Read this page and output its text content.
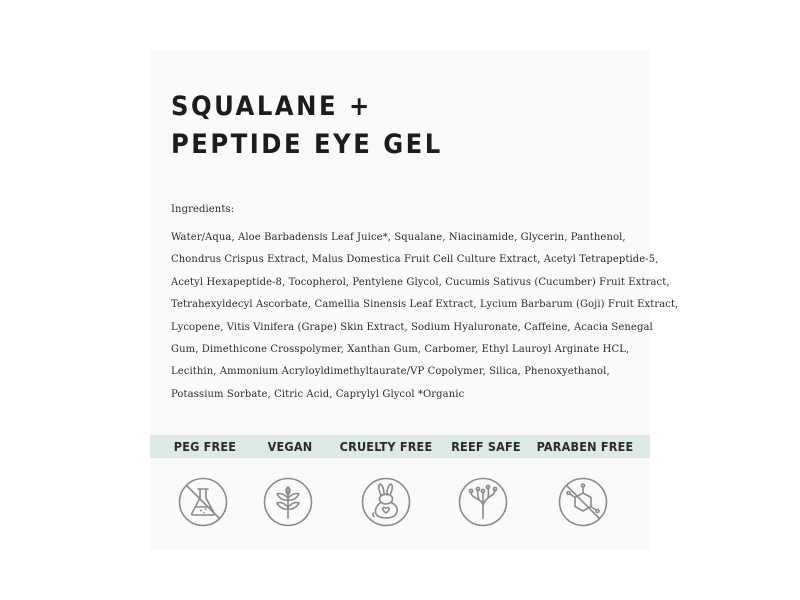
SQUALANE +
PEPTIDE EYE GEL
Ingredients:
Water/Aqua, Aloe Barbadensis Leaf Juice*, Squalane, Niacinamide, Glycerin, Panthenol,
Chondrus Crispus Extract, Malus Domestica Fruit Cell Culture Extract, Acetyl Tetrapeptide-5,
Acetyl Hexapeptide-8, Tocopherol, Pentylene Glycol, Cucumis Sativus (Cucumber) Fruit Extract,
Tetrahexyldecyl Ascorbate, Camellia Sinensis Leaf Extract, Lycium Barbarum (Goji) Fruit Extract,
Lycopene, Vitis Vinifera (Grape) Skin Extract, Sodium Hyaluronate, Caffeine, Acacia Senegal
Gum, Dimethicone Crosspolymer, Xanthan Gum, Carbomer, Ethyl Lauroyl Arginate HCL,
Lecithin, Ammonium Acryloyldimethyltaurate/VP Copolymer, Silica, Phenoxyethanol,
Potassium Sorbate, Citric Acid, Caprylyl Glycol *Organic
PEG FREE	VEGAN CRUELTY FREE REEF SAFE PARABEN FREE
